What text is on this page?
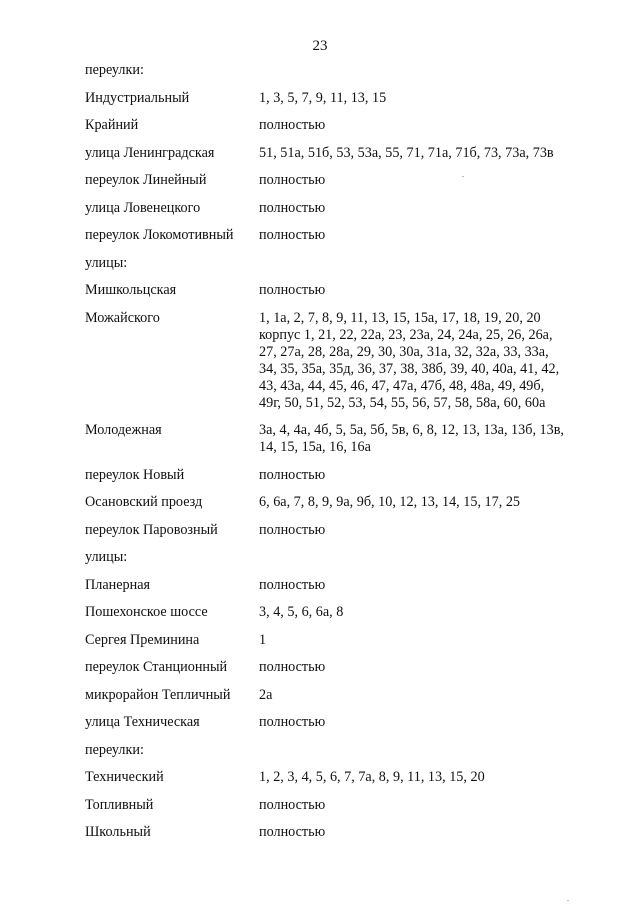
23
переулки:
Индустриальный	1, 3, 5, 7, 9, 11, 13, 15
Крайний	полностью
улица Ленинградская	51, 51а, 51б, 53, 53а, 55, 71, 71а, 71б, 73, 73а, 73в
переулок Линейный	полностью
улица Ловенецкого	полностью
переулок Локомотивный	полностью
улицы:
Мишкольцская	полностью
Можайского	1, 1а, 2, 7, 8, 9, 11, 13, 15, 15а, 17, 18, 19, 20, 20
корпус 1, 21, 22, 22а, 23, 23а, 24, 24а, 25, 26, 26а,
27, 27а, 28, 28а, 29, 30, 30а, 31а, 32, 32а, 33, 33а,
34, 35, 35а, 35д, 36, 37, 38, 38б, 39, 40, 40а, 41, 42,
43, 43а, 44, 45, 46, 47, 47а, 47б, 48, 48а, 49, 49б,
49г, 50, 51, 52, 53, 54, 55, 56, 57, 58, 58а, 60, 60а
Молодежная	3а, 4, 4а, 4б, 5, 5а, 5б, 5в, 6, 8, 12, 13, 13а, 13б, 13в,
14, 15, 15а, 16, 16а
переулок Новый	полностью
Осановский проезд	6, 6а, 7, 8, 9, 9а, 9б, 10, 12, 13, 14, 15, 17, 25
переулок Паровозный	полностью
улицы:
Планерная	полностью
Пошехонское шоссе	3, 4, 5, 6, 6а, 8
Сергея Преминина	1
переулок Станционный	полностью
микрорайон Тепличный	2а
улица Техническая	полностью
переулки:
Технический	1, 2, 3, 4, 5, 6, 7, 7а, 8, 9, 11, 13, 15, 20
Топливный	полностью
Школьный	полностью
